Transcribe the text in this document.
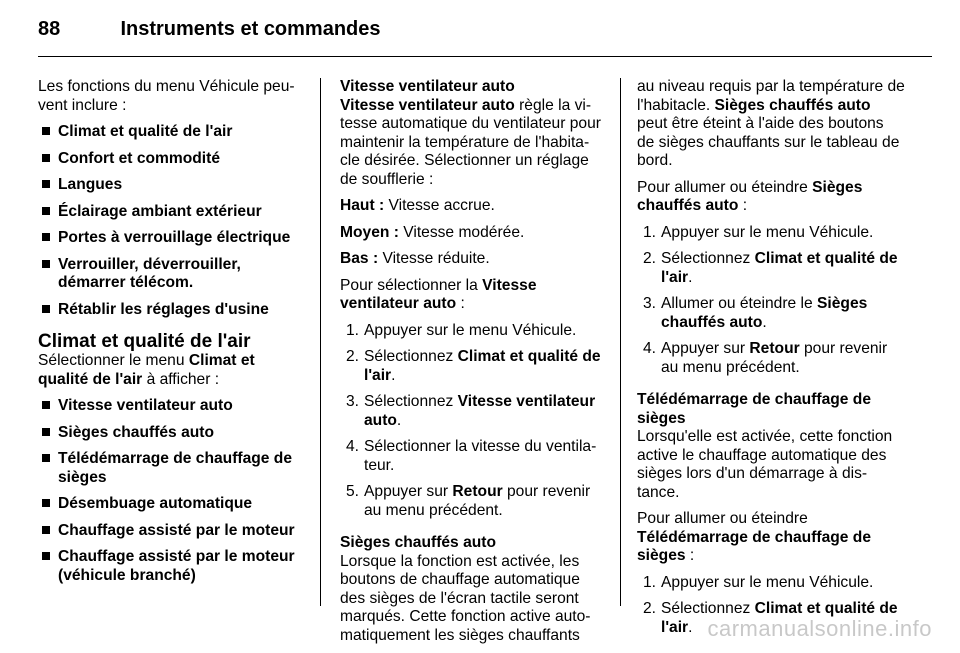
88	Instruments et commandes

Les fonctions du menu Véhicule peu-vent inclure :

Climat et qualité de l'air
Confort et commodité
Langues
Éclairage ambiant extérieur
Portes à verrouillage électrique
Verrouiller, déverrouiller, démarrer télécom.
Rétablir les réglages d'usine
Climat et qualité de l'air

Sélectionner le menu Climat et qualité de l'air à afficher :

Vitesse ventilateur auto
Sièges chauffés auto
Télédémarrage de chauffage de sièges
Désembuage automatique
Chauffage assisté par le moteur
Chauffage assisté par le moteur (véhicule branché)
Vitesse ventilateur auto

Vitesse ventilateur auto règle la vi-tesse automatique du ventilateur pour maintenir la température de l'habita-cle désirée. Sélectionner un réglage de soufflerie :

Haut : Vitesse accrue.

Moyen : Vitesse modérée.

Bas : Vitesse réduite.

Pour sélectionner la Vitesse ventilateur auto :

1. Appuyer sur le menu Véhicule.
2. Sélectionnez Climat et qualité de l'air.
3. Sélectionnez Vitesse ventilateur auto.
4. Sélectionner la vitesse du ventila-teur.
5. Appuyer sur Retour pour revenir au menu précédent.
Sièges chauffés auto

Lorsque la fonction est activée, les boutons de chauffage automatique des sièges de l'écran tactile seront marqués. Cette fonction active auto-matiquement les sièges chauffants

au niveau requis par la température de l'habitacle. Sièges chauffés auto peut être éteint à l'aide des boutons de sièges chauffants sur le tableau de bord.

Pour allumer ou éteindre Sièges chauffés auto :

1. Appuyer sur le menu Véhicule.
2. Sélectionnez Climat et qualité de l'air.
3. Allumer ou éteindre le Sièges chauffés auto.
4. Appuyer sur Retour pour revenir au menu précédent.
Télédémarrage de chauffage de sièges

Lorsqu'elle est activée, cette fonction active le chauffage automatique des sièges lors d'un démarrage à dis-tance.

Pour allumer ou éteindre Télédémarrage de chauffage de sièges :

1. Appuyer sur le menu Véhicule.
2. Sélectionnez Climat et qualité de l'air. carmanualsonline.info
